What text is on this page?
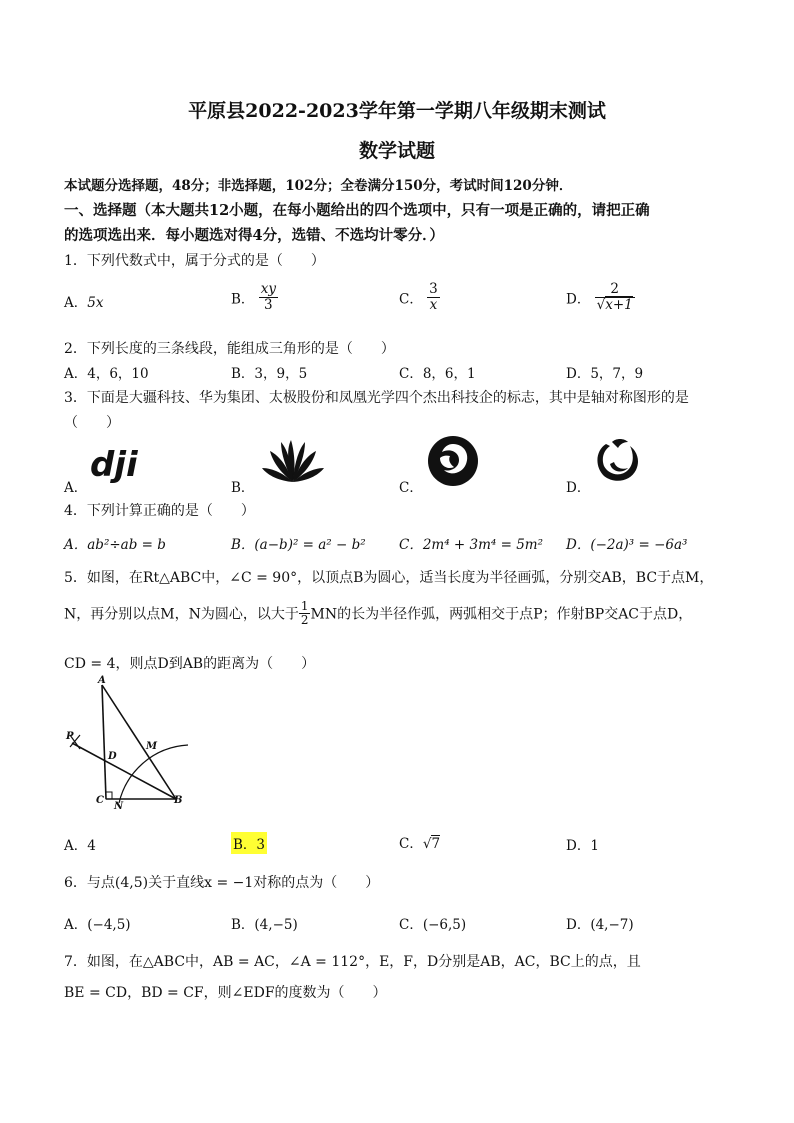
平原县2022-2023学年第一学期八年级期末测试
数学试题
本试题分选择题，48分；非选择题，102分；全卷满分150分，考试时间120分钟．
一、选择题（本大题共12小题，在每小题给出的四个选项中，只有一项是正确的，请把正确
的选项选出来．每小题选对得4分，选错、不选均计零分．）
1．下列代数式中，属于分式的是（　　）
A．5x	B． $\frac{xy}{3}$	C． $\frac{3}{x}$	D． $\frac{2}{√x+1}$
2．下列长度的三条线段，能组成三角形的是（　　）
A．4，6，10	B．3，9，5	C．8，6，1	D．5，7，9
3．下面是大疆科技、华为集团、太极股份和凤凰光学四个杰出科技企的标志，其中是轴对称图形的是
（　　）
A．
dji
B．	C．	D．
4．下列计算正确的是（　　）
A．ab²÷ab = b	B．(a−b)² = a² − b² C．2m⁴ + 3m⁴ = 5m² D．(−2a)³ = −6a³
5．如图，在Rt△ABC中，∠C = 90°，以顶点B为圆心，适当长度为半径画弧，分别交AB，BC于点M，
N，再分别以点M，N为圆心，以大于 $\frac{1}{2}$ MN的长为半径作弧，两弧相交于点P；作射BP交AC于点D，
CD = 4，则点D到AB的距离为（　　）
A
P
D
M
C
N
B
A．4	B．3	C．√7	D．1
6．与点(4,5)关于直线x = −1对称的点为（　　）
A．(−4,5)	B．(4,−5)	C．(−6,5)	D．(4,−7)
7．如图，在△ABC中，AB = AC，∠A = 112°，E，F，D分别是AB，AC，BC上的点，且
BE = CD，BD = CF，则∠EDF的度数为（　　）
